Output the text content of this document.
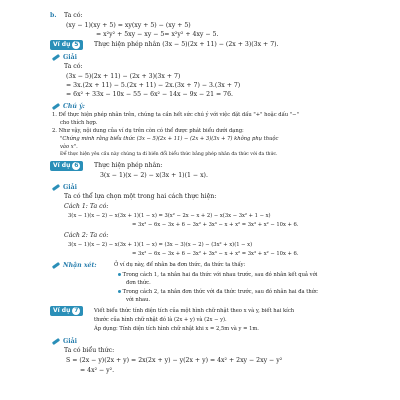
b. Ta có:
(xy − 1)(xy + 5) = xy(xy + 5) − (xy + 5)
= x²y² + 5xy − xy − 5= x²y² + 4xy − 5.
Ví dụ 5	Thực hiện phép nhân (3x − 5)(2x + 11) − (2x + 3)(3x + 7).
Giải
Ta có:
(3x − 5)(2x + 11) − (2x + 3)(3x + 7)
= 3x.(2x + 11) − 5.(2x + 11) − 2x.(3x + 7) − 3.(3x + 7)
= 6x² + 33x − 10x − 55 − 6x² − 14x − 9x − 21 = 76.
Chú ý:
1. Để thực hiện phép nhân trên, chúng ta cần hết sức chú ý với việc đặt dấu "+" hoặc dấu "−"
cho thích hợp.
2. Như vậy, nội dung của ví dụ trên còn có thể được phát biểu dưới dạng:
"Chứng minh rằng biểu thức (3x − 5)(2x + 11) − (2x + 3)(3x + 7) không phụ thuộc
vào x".
Để thực hiện yêu cầu này chúng ta đi biến đổi biểu thức bằng phép nhân đa thức với đa thức.
Ví dụ 6	Thực hiện phép nhân:
3(x − 1)(x − 2) − x(3x + 1)(1 − x).
Giải
Ta có thể lựa chọn một trong hai cách thực hiện:
Cách 1: Ta có:
3(x − 1)(x − 2) − x(3x + 1)(1 − x) = 3(x² − 2x − x + 2) − x(3x − 3x² + 1 − x)
= 3x² − 6x − 3x + 6 − 3x² + 3x³ − x + x² = 3x³ + x² − 10x + 6.
Cách 2: Ta có:
3(x − 1)(x − 2) − x(3x + 1)(1 − x) = (3x − 3)(x − 2) − (3x² + x)(1 − x)
= 3x² − 6x − 3x + 6 − 3x² + 3x³ − x + x² = 3x³ + x² − 10x + 6.
Nhận xét:	Ở ví dụ này, để nhân ba đơn thức, đa thức ta thấy:
Trong cách 1, ta nhân hai đa thức với nhau trước, sau đó nhân kết quả với
đơn thức.
Trong cách 2, ta nhân đơn thức với đa thức trước, sau đó nhân hai đa thức
với nhau.
Ví dụ 7	Viết biểu thức tính diện tích của một hình chữ nhật theo x và y, biết hai kích
thước của hình chữ nhật đó là (2x + y) và (2x − y).
Áp dụng: Tính diện tích hình chữ nhật khi x = 2,5m và y = 1m.
Giải
Ta có biểu thức:
S = (2x − y)(2x + y) = 2x(2x + y) − y(2x + y) = 4x² + 2xy − 2xy − y²
= 4x² − y².
